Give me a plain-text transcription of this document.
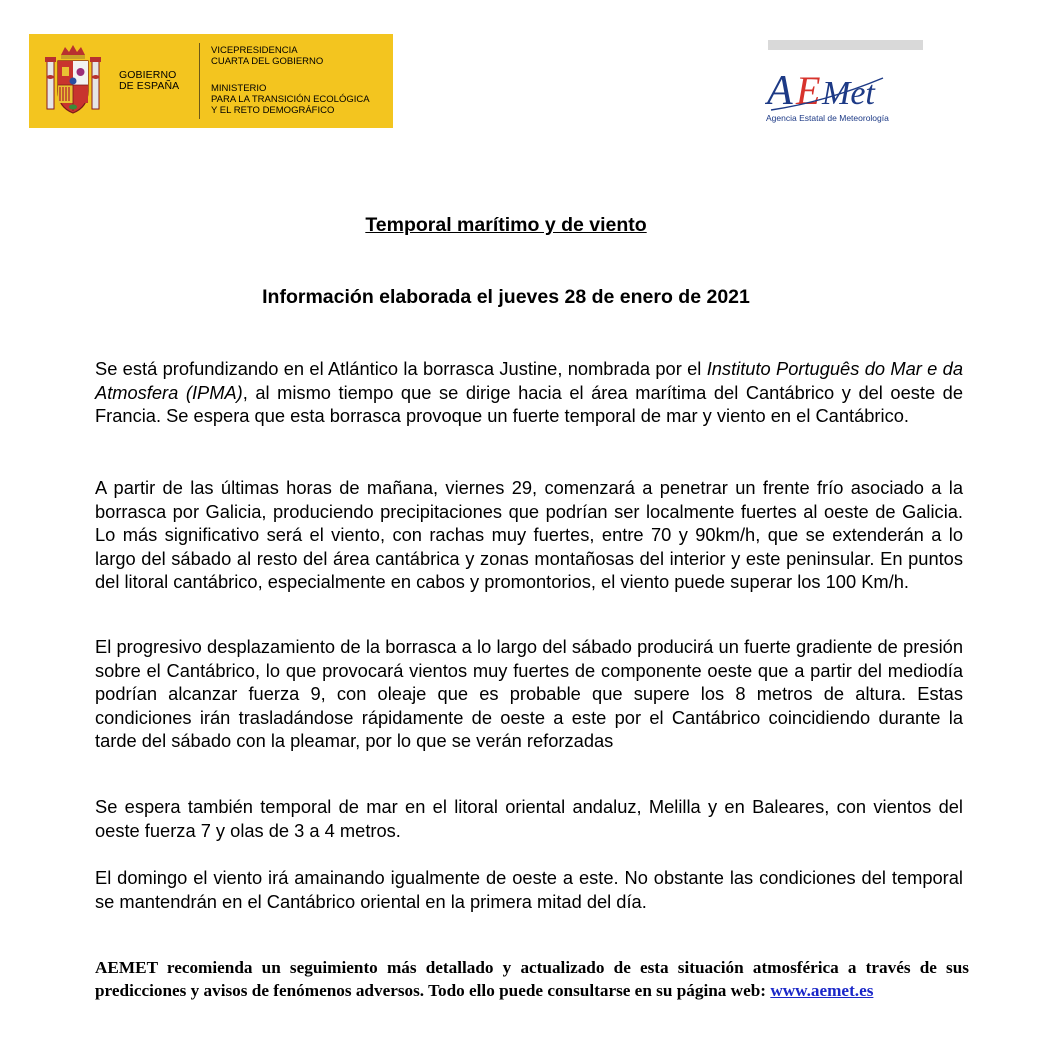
GOBIERNO
DE ESPAÑA
VICEPRESIDENCIA
CUARTA DEL GOBIERNO
MINISTERIO
PARA LA TRANSICIÓN ECOLÓGICA
Y EL RETO DEMOGRÁFICO	A E Met
Agencia Estatal de Meteorología
Temporal marítimo y de viento
Información elaborada el jueves 28 de enero de 2021

Se está profundizando en el Atlántico la borrasca Justine, nombrada por el Instituto Português do Mar e da Atmosfera (IPMA), al mismo tiempo que se dirige hacia el área marítima del Cantábrico y del oeste de Francia. Se espera que esta borrasca provoque un fuerte temporal de mar y viento en el Cantábrico.

A partir de las últimas horas de mañana, viernes 29, comenzará a penetrar un frente frío asociado a la borrasca por Galicia, produciendo precipitaciones que podrían ser localmente fuertes al oeste de Galicia. Lo más significativo será el viento, con rachas muy fuertes, entre 70 y 90km/h, que se extenderán a lo largo del sábado al resto del área cantábrica y zonas montañosas del interior y este peninsular. En puntos del litoral cantábrico, especialmente en cabos y promontorios, el viento puede superar los 100 Km/h.

El progresivo desplazamiento de la borrasca a lo largo del sábado producirá un fuerte gradiente de presión sobre el Cantábrico, lo que provocará vientos muy fuertes de componente oeste que a partir del mediodía podrían alcanzar fuerza 9, con oleaje que es probable que supere los 8 metros de altura. Estas condiciones irán trasladándose rápidamente de oeste a este por el Cantábrico coincidiendo durante la tarde del sábado con la pleamar, por lo que se verán reforzadas

Se espera también temporal de mar en el litoral oriental andaluz, Melilla y en Baleares, con vientos del oeste fuerza 7 y olas de 3 a 4 metros.

El domingo el viento irá amainando igualmente de oeste a este. No obstante las condiciones del temporal se mantendrán en el Cantábrico oriental en la primera mitad del día.

AEMET recomienda un seguimiento más detallado y actualizado de esta situación atmosférica a través de sus predicciones y avisos de fenómenos adversos. Todo ello puede consultarse en su página web: www.aemet.es
